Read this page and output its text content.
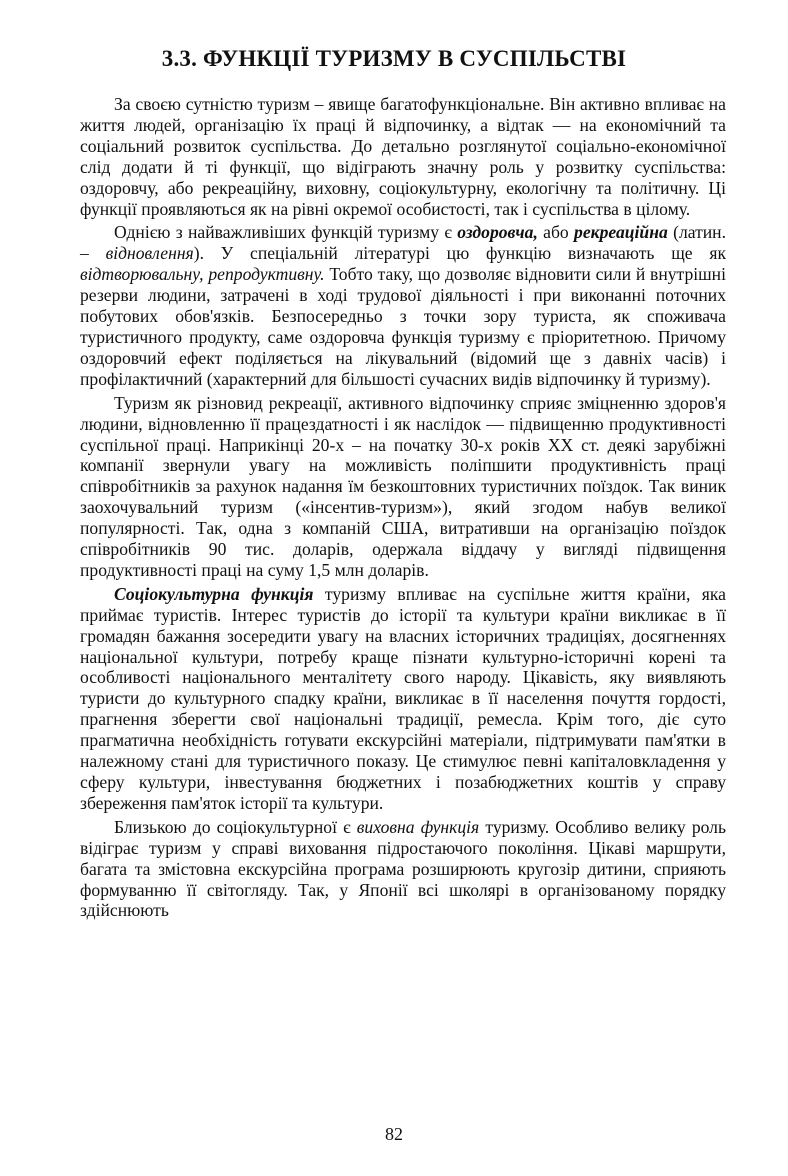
3.3. ФУНКЦІЇ ТУРИЗМУ В СУСПІЛЬСТВІ

За своєю сутністю туризм – явище багатофункціональне. Він активно впливає на життя людей, організацію їх праці й відпочинку, а відтак — на економічний та соціальний розвиток суспільства. До детально розглянутої соціально-економічної слід додати й ті функції, що відіграють значну роль у розвитку суспільства: оздоровчу, або рекреаційну, виховну, соціокультурну, екологічну та політичну. Ці функції проявляються як на рівні окремої особистості, так і суспільства в цілому.

Однією з найважливіших функцій туризму є оздоровча, або рекреаційна (латин. – відновлення). У спеціальній літературі цю функцію визначають ще як відтворювальну, репродуктивну. Тобто таку, що дозволяє відновити сили й внутрішні резерви людини, затрачені в ході трудової діяльності і при виконанні поточних побутових обов'язків. Безпосередньо з точки зору туриста, як споживача туристичного продукту, саме оздоровча функція туризму є пріоритетною. Причому оздоровчий ефект поділяється на лікувальний (відомий ще з давніх часів) і профілактичний (характерний для більшості сучасних видів відпочинку й туризму).

Туризм як різновид рекреації, активного відпочинку сприяє зміцненню здоров'я людини, відновленню її працездатності і як наслідок — підвищенню продуктивності суспільної праці. Наприкінці 20-х – на початку 30-х років XX ст. деякі зарубіжні компанії звернули увагу на можливість поліпшити продуктивність праці співробітників за рахунок надання їм безкоштовних туристичних поїздок. Так виник заохочувальний туризм («інсентив-туризм»), який згодом набув великої популярності. Так, одна з компаній США, витративши на організацію поїздок співробітників 90 тис. доларів, одержала віддачу у вигляді підвищення продуктивності праці на суму 1,5 млн доларів.

Соціокультурна функція туризму впливає на суспільне життя країни, яка приймає туристів. Інтерес туристів до історії та культури країни викликає в її громадян бажання зосередити увагу на власних історичних традиціях, досягненнях національної культури, потребу краще пізнати культурно-історичні корені та особливості національного менталітету свого народу. Цікавість, яку виявляють туристи до культурного спадку країни, викликає в її населення почуття гордості, прагнення зберегти свої національні традиції, ремесла. Крім того, діє суто прагматична необхідність готувати екскурсійні матеріали, підтримувати пам'ятки в належному стані для туристичного показу. Це стимулює певні капіталовкладення у сферу культури, інвестування бюджетних і позабюджетних коштів у справу збереження пам'яток історії та культури.

Близькою до соціокультурної є виховна функція туризму. Особливо велику роль відіграє туризм у справі виховання підростаючого покоління. Цікаві маршрути, багата та змістовна екскурсійна програма розширюють кругозір дитини, сприяють формуванню її світогляду. Так, у Японії всі школярі в організованому порядку здійснюють

82
